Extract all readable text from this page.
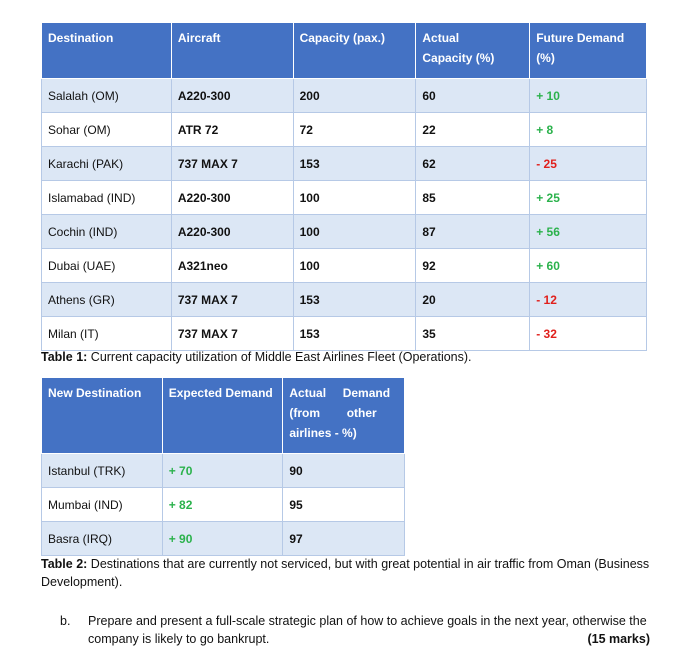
Destination	Aircraft	Capacity (pax.)	Actual     Capacity (%)	Future Demand (%)

Salalah (OM)	A220-300	200	60	+ 10

Sohar (OM)	ATR 72	72	22	+ 8

Karachi (PAK)	737 MAX 7	153	62	- 25

Islamabad (IND)	A220-300	100	85	+ 25

Cochin (IND)	A220-300	100	87	+ 56

Dubai (UAE)	A321neo	100	92	+ 60

Athens (GR)	737 MAX 7	153	20	- 12

Milan (IT)	737 MAX 7	153	35	- 32
Table 1: Current capacity utilization of Middle East Airlines Fleet (Operations).
New Destination	Expected Demand	Actual     Demand (from        other airlines - %)

Istanbul (TRK)	+ 70	90

Mumbai (IND)	+ 82	95

Basra (IRQ)	+ 90	97
Table 2: Destinations that are currently not serviced, but with great potential in air traffic from Oman (Business Development).
b. Prepare and present a full-scale strategic plan of how to achieve goals in the next year, otherwise the company is likely to go bankrupt.	(15 marks)
